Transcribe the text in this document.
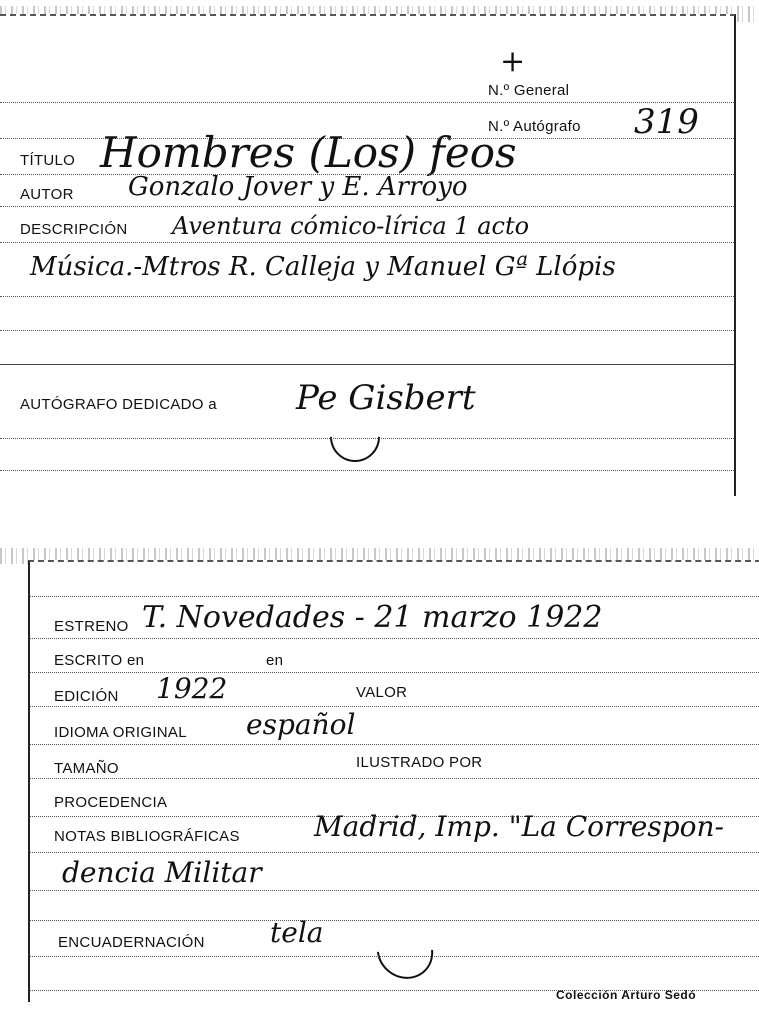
+
N.º General
N.º Autógrafo 319
TÍTULO Hombres (Los) feos
AUTOR Gonzalo Jover y E. Arroyo
DESCRIPCIÓN Aventura cómico-lírica 1 acto
Música.-Mtros R. Calleja y Manuel Gª Llópis
AUTÓGRAFO DEDICADO a Pe Gisbert
ESTRENO T. Novedades - 21 marzo 1922
ESCRITO en	en
EDICIÓN 1922	VALOR
IDIOMA ORIGINAL español
TAMAÑO	ILUSTRADO POR
PROCEDENCIA
NOTAS BIBLIOGRÁFICAS	Madrid, Imp. "La Correspon-
dencia Militar
ENCUADERNACIÓN tela
Colección Arturo Sedó
